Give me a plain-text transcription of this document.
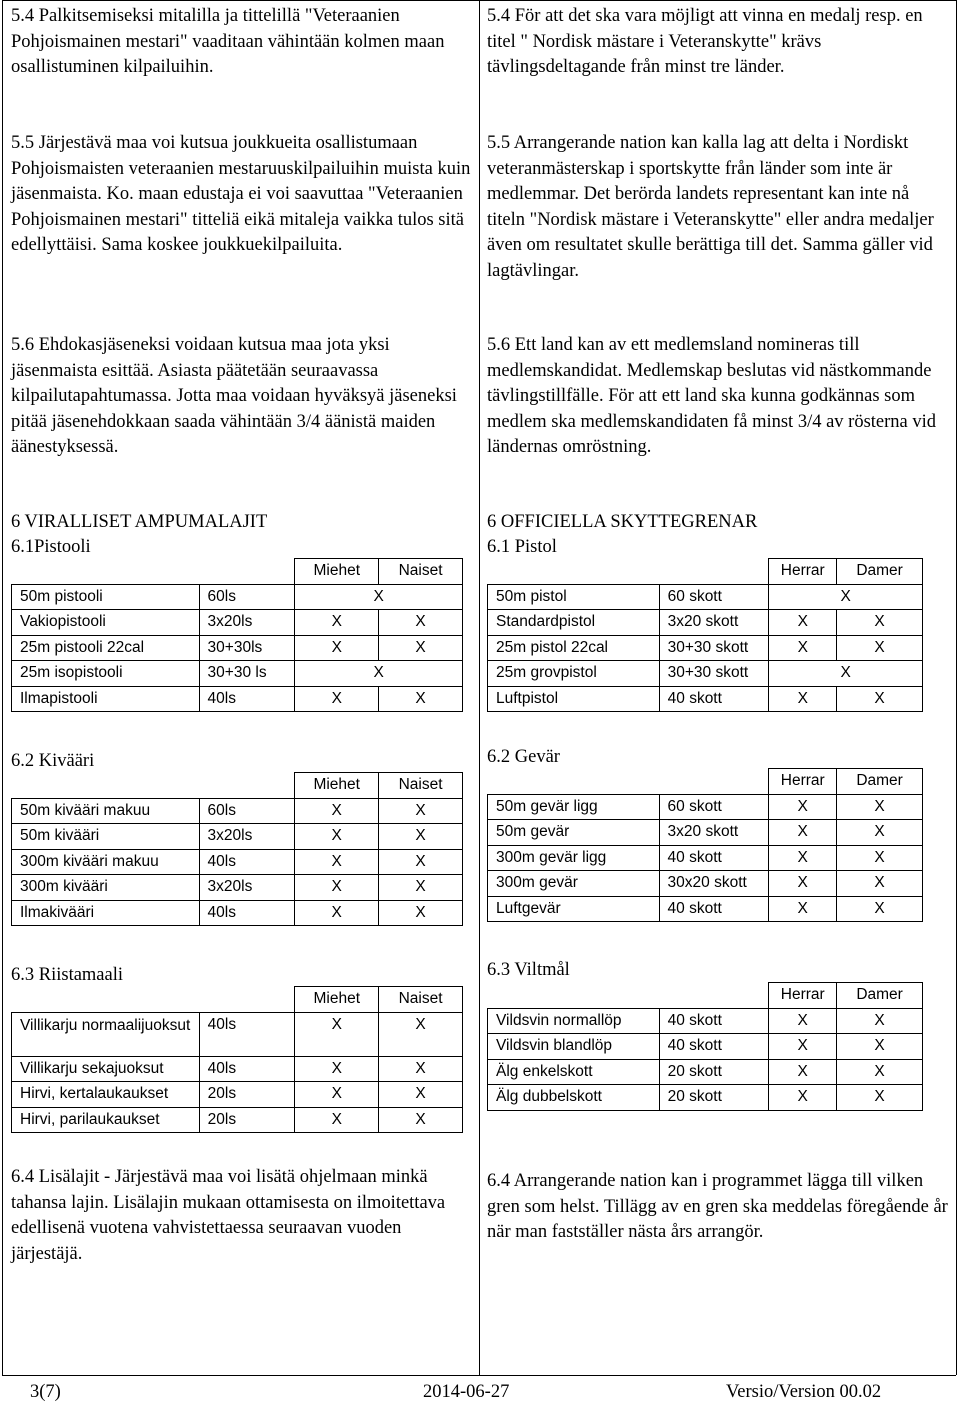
5.4 Palkitsemiseksi mitalilla ja tittelillä "Veteraanien Pohjoismainen mestari" vaaditaan vähintään kolmen maan osallistuminen kilpailuihin.

5.5 Järjestävä maa voi kutsua joukkueita osallistumaan Pohjoismaisten veteraanien mestaruuskilpailuihin muista kuin jäsenmaista. Ko. maan edustaja ei voi saavuttaa "Veteraanien Pohjoismainen mestari" titteliä eikä mitaleja vaikka tulos sitä edellyttäisi. Sama koskee joukkuekilpailuita.

5.6 Ehdokasjäseneksi voidaan kutsua maa jota yksi jäsenmaista esittää. Asiasta päätetään seuraavassa kilpailutapahtumassa. Jotta maa voidaan hyväksyä jäseneksi pitää jäsenehdokkaan saada vähintään 3/4 äänistä maiden äänestyksessä.

6 VIRALLISET AMPUMALAJIT

6.1Pistooli

		Miehet	Naiset
50m pistooli	60ls	X	
Vakiopistooli	3x20ls	X	X
25m pistooli 22cal	30+30ls	X	X
25m isopistooli	30+30 ls	X	
Ilmapistooli	40ls	X	X

6.2 Kivääri

		Miehet	Naiset
50m kivääri makuu	60ls	X	X
50m kivääri	3x20ls	X	X
300m kivääri makuu	40ls	X	X
300m kivääri	3x20ls	X	X
Ilmakivääri	40ls	X	X

6.3 Riistamaali

		Miehet	Naiset
Villikarju normaalijuoksut	40ls	X	X
Villikarju sekajuoksut	40ls	X	X
Hirvi, kertalaukaukset	20ls	X	X
Hirvi, parilaukaukset	20ls	X	X

6.4 Lisälajit - Järjestävä maa voi lisätä ohjelmaan minkä tahansa lajin. Lisälajin mukaan ottamisesta on ilmoitettava edellisenä vuotena vahvistettaessa seuraavan vuoden järjestäjä.

5.4 För att det ska vara möjligt att vinna en medalj resp. en titel " Nordisk mästare i Veteranskytte" krävs tävlingsdeltagande från minst tre länder.

5.5 Arrangerande nation kan kalla lag att delta i Nordiskt veteranmästerskap i sportskytte från länder som inte är medlemmar. Det berörda landets representant kan inte nå titeln "Nordisk mästare i Veteranskytte" eller andra medaljer även om resultatet skulle berättiga till det. Samma gäller vid lagtävlingar.

5.6 Ett land kan av ett medlemsland nomineras till medlemskandidat. Medlemskap beslutas vid nästkommande tävlingstillfälle. För att ett land ska kunna godkännas som medlem ska medlemskandidaten få minst 3/4 av rösterna vid ländernas omröstning.

6 OFFICIELLA SKYTTEGRENAR

6.1 Pistol

		Herrar	Damer
50m pistol	60 skott	X	
Standardpistol	3x20 skott	X	X
25m pistol 22cal	30+30 skott	X	X
25m grovpistol	30+30 skott	X	
Luftpistol	40 skott	X	X

6.2 Gevär

		Herrar	Damer
50m gevär ligg	60 skott	X	X
50m gevär	3x20 skott	X	X
300m gevär ligg	40 skott	X	X
300m gevär	30x20 skott	X	X
Luftgevär	40 skott	X	X

6.3 Viltmål

		Herrar	Damer
Vildsvin normallöp	40 skott	X	X
Vildsvin blandlöp	40 skott	X	X
Älg enkelskott	20 skott	X	X
Älg dubbelskott	20 skott	X	X

6.4 Arrangerande nation kan i programmet lägga till vilken gren som helst. Tillägg av en gren ska meddelas föregående år när man fastställer nästa års arrangör.

3(7)	2014-06-27	Versio/Version 00.02
